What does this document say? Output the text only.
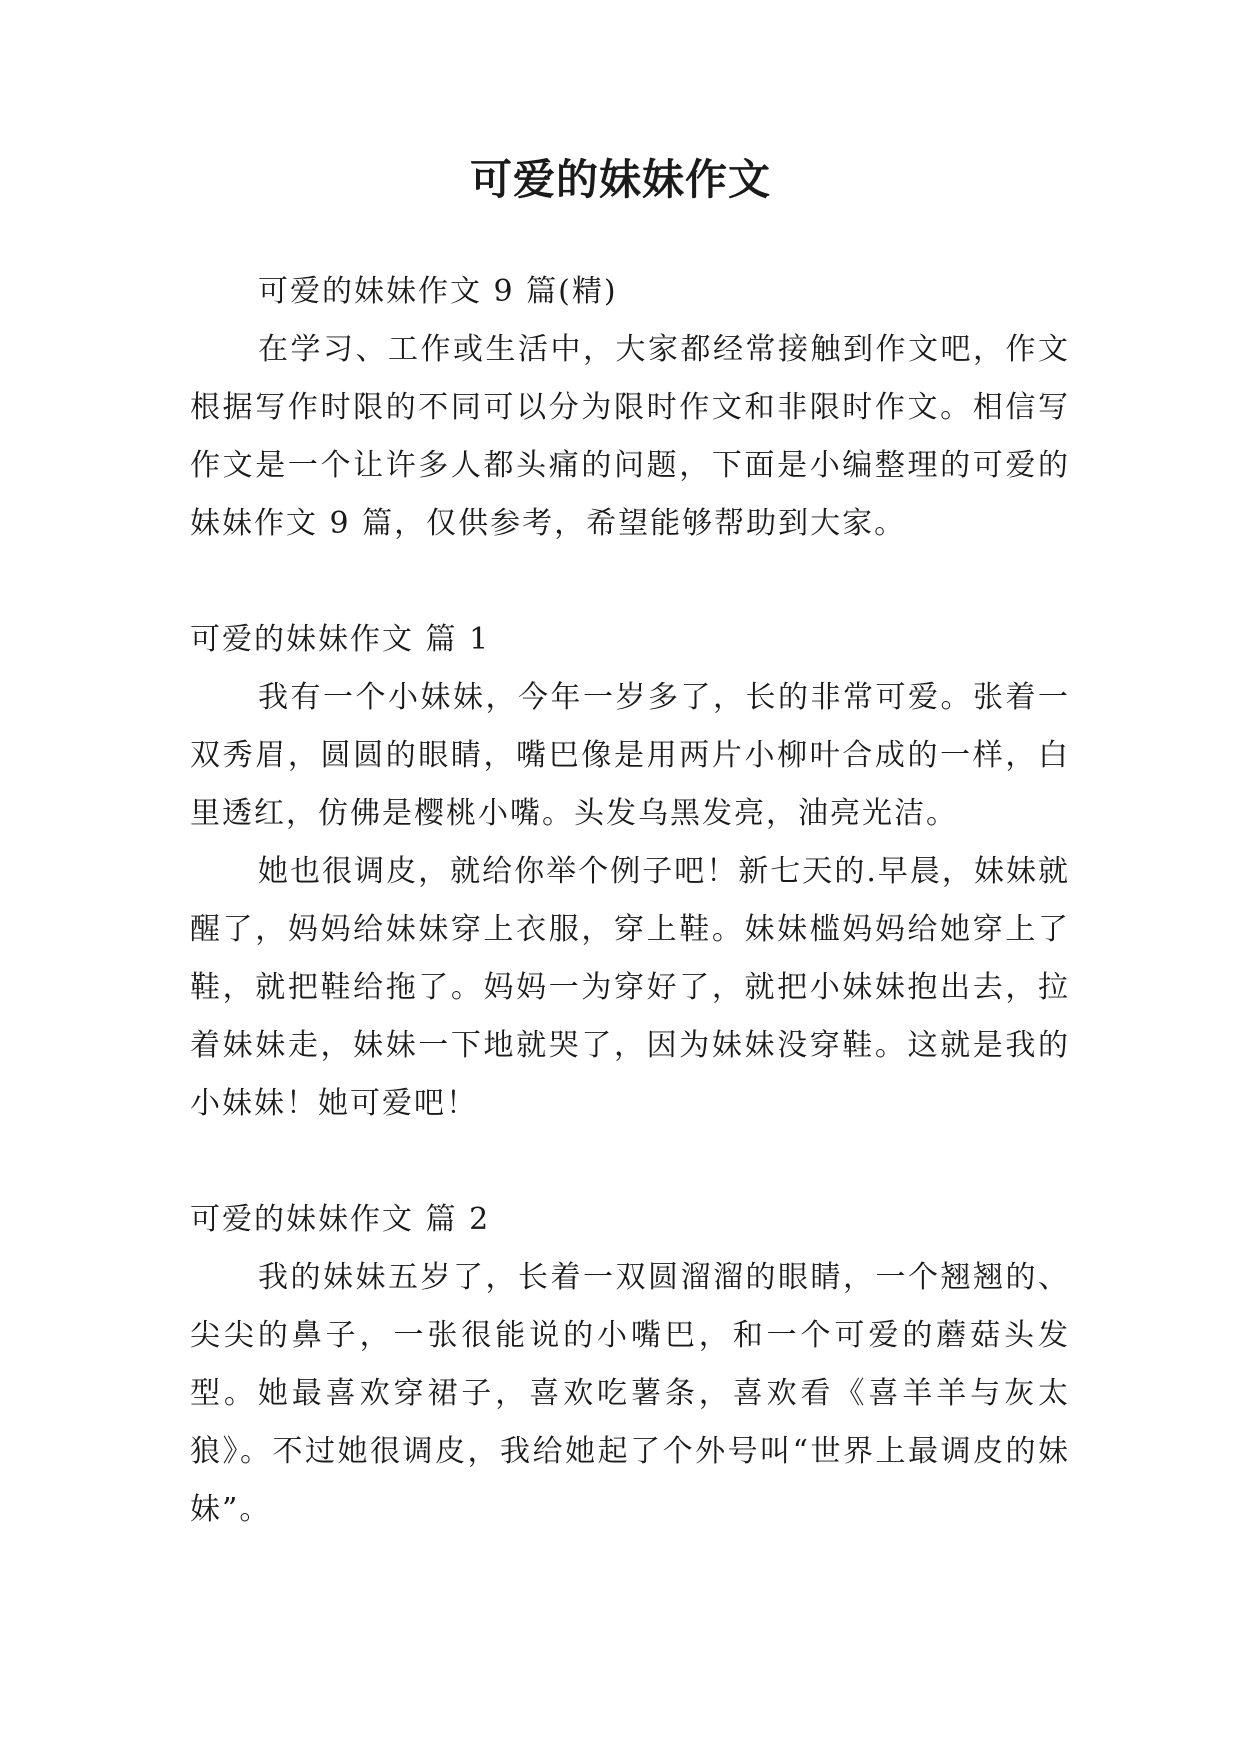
可爱的妹妹作文

可爱的妹妹作文 9 篇(精)

在学习、工作或生活中，大家都经常接触到作文吧，作文根据写作时限的不同可以分为限时作文和非限时作文。相信写作文是一个让许多人都头痛的问题，下面是小编整理的可爱的妹妹作文 9 篇，仅供参考，希望能够帮助到大家。

可爱的妹妹作文 篇 1

我有一个小妹妹，今年一岁多了，长的非常可爱。张着一双秀眉，圆圆的眼睛，嘴巴像是用两片小柳叶合成的一样，白里透红，仿佛是樱桃小嘴。头发乌黑发亮，油亮光洁。

她也很调皮，就给你举个例子吧！新七天的.早晨，妹妹就醒了，妈妈给妹妹穿上衣服，穿上鞋。妹妹槛妈妈给她穿上了鞋，就把鞋给拖了。妈妈一为穿好了，就把小妹妹抱出去，拉着妹妹走，妹妹一下地就哭了，因为妹妹没穿鞋。这就是我的小妹妹！她可爱吧！

可爱的妹妹作文 篇 2

我的妹妹五岁了，长着一双圆溜溜的眼睛，一个翘翘的、尖尖的鼻子，一张很能说的小嘴巴，和一个可爱的蘑菇头发型。她最喜欢穿裙子，喜欢吃薯条，喜欢看《喜羊羊与灰太狼》。不过她很调皮，我给她起了个外号叫“世界上最调皮的妹妹”。
